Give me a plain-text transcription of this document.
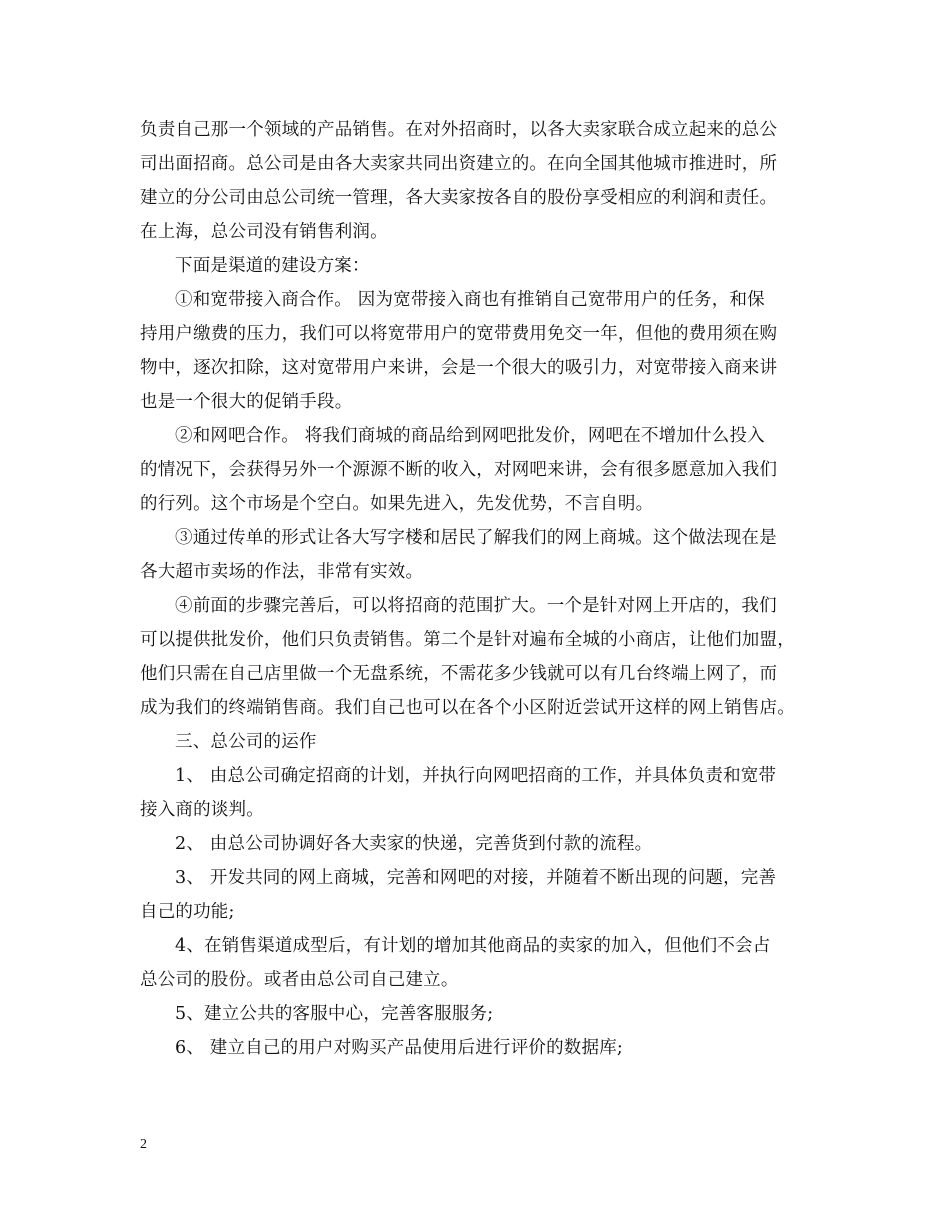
负责自己那一个领域的产品销售。在对外招商时，以各大卖家联合成立起来的总公

司出面招商。总公司是由各大卖家共同出资建立的。在向全国其他城市推进时，所

建立的分公司由总公司统一管理，各大卖家按各自的股份享受相应的利润和责任。

在上海，总公司没有销售利润。

下面是渠道的建设方案：

①和宽带接入商合作。 因为宽带接入商也有推销自己宽带用户的任务，和保

持用户缴费的压力，我们可以将宽带用户的宽带费用免交一年，但他的费用须在购

物中，逐次扣除，这对宽带用户来讲，会是一个很大的吸引力，对宽带接入商来讲

也是一个很大的促销手段。

②和网吧合作。 将我们商城的商品给到网吧批发价，网吧在不增加什么投入

的情况下，会获得另外一个源源不断的收入，对网吧来讲，会有很多愿意加入我们

的行列。这个市场是个空白。如果先进入，先发优势，不言自明。

③通过传单的形式让各大写字楼和居民了解我们的网上商城。这个做法现在是

各大超市卖场的作法，非常有实效。

④前面的步骤完善后，可以将招商的范围扩大。一个是针对网上开店的，我们

可以提供批发价，他们只负责销售。第二个是针对遍布全城的小商店，让他们加盟，

他们只需在自己店里做一个无盘系统，不需花多少钱就可以有几台终端上网了，而

成为我们的终端销售商。我们自己也可以在各个小区附近尝试开这样的网上销售店。

三、总公司的运作

1、 由总公司确定招商的计划，并执行向网吧招商的工作，并具体负责和宽带

接入商的谈判。

2、 由总公司协调好各大卖家的快递，完善货到付款的流程。

3、 开发共同的网上商城，完善和网吧的对接，并随着不断出现的问题，完善

自己的功能;

4、在销售渠道成型后，有计划的增加其他商品的卖家的加入，但他们不会占

总公司的股份。或者由总公司自己建立。

5、建立公共的客服中心，完善客服服务;

6、 建立自己的用户对购买产品使用后进行评价的数据库;

2
